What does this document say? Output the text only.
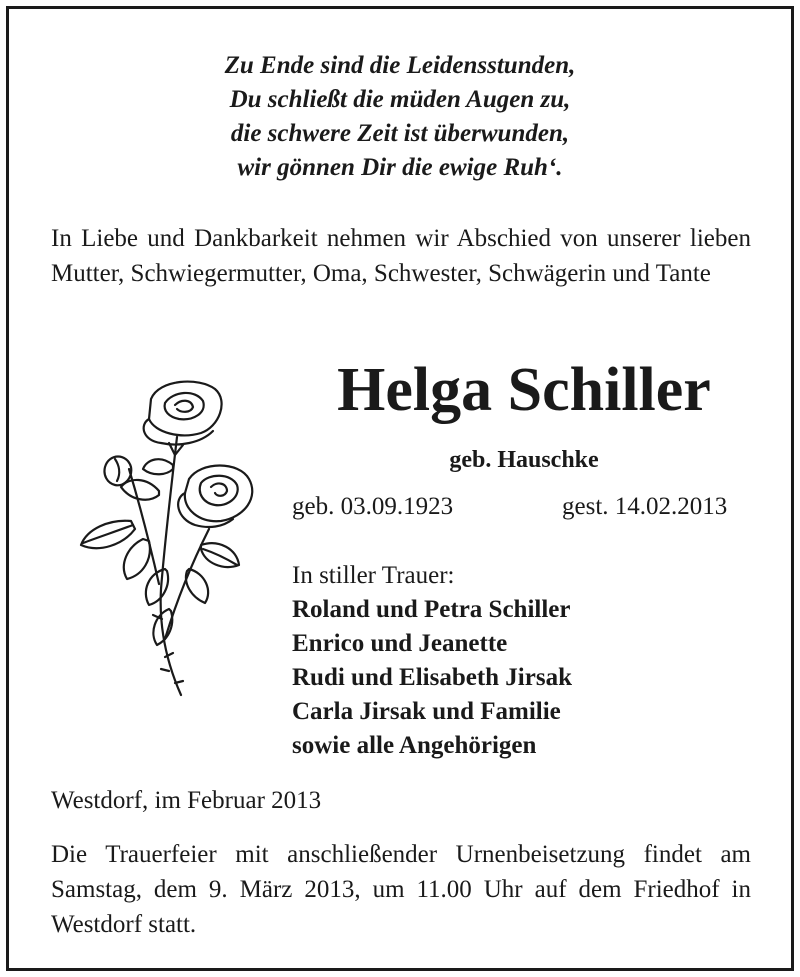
Zu Ende sind die Leidensstunden,
Du schließt die müden Augen zu,
die schwere Zeit ist überwunden,
wir gönnen Dir die ewige Ruh‘.
In Liebe und Dankbarkeit nehmen wir Abschied von unserer lieben Mutter, Schwiegermutter, Oma, Schwester, Schwägerin und Tante
Helga Schiller
geb. Hauschke
geb. 03.09.1923	gest. 14.02.2013
In stiller Trauer:
Roland und Petra Schiller
Enrico und Jeanette
Rudi und Elisabeth Jirsak
Carla Jirsak und Familie
sowie alle Angehörigen
Westdorf, im Februar 2013
Die Trauerfeier mit anschließender Urnenbeisetzung findet am Samstag, dem 9. März 2013, um 11.00 Uhr auf dem Friedhof in Westdorf statt.
